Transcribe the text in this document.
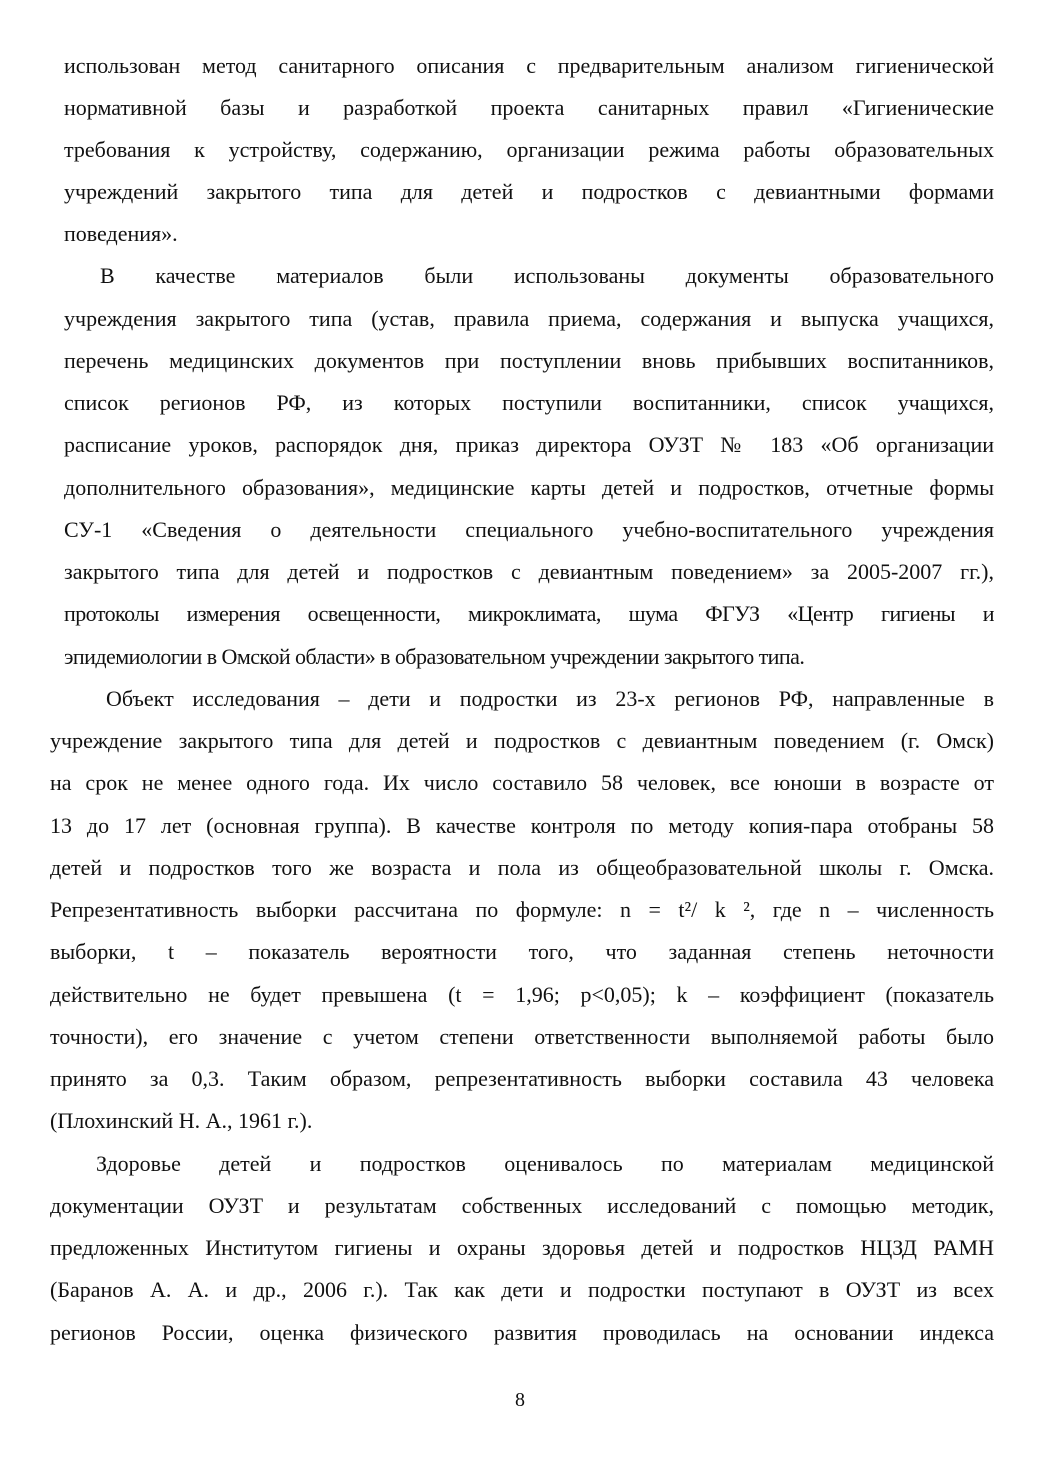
использован метод санитарного описания с предварительным анализом гигиенической

нормативной базы и разработкой проекта санитарных правил «Гигиенические

требования к устройству, содержанию, организации режима работы образовательных

учреждений закрытого типа для детей и подростков с девиантными формами

поведения».

В качестве материалов были использованы документы образовательного

учреждения закрытого типа (устав, правила приема, содержания и выпуска учащихся,

перечень медицинских документов при поступлении вновь прибывших воспитанников,

список регионов РФ, из которых поступили воспитанники, список учащихся,

расписание уроков, распорядок дня, приказ директора ОУЗТ № 183 «Об организации

дополнительного образования», медицинские карты детей и подростков, отчетные формы

СУ-1 «Сведения о деятельности специального учебно-воспитательного учреждения

закрытого типа для детей и подростков с девиантным поведением» за 2005-2007 гг.),

протоколы измерения освещенности, микроклимата, шума ФГУЗ «Центр гигиены и

эпидемиологии в Омской области» в образовательном учреждении закрытого типа.

Объект исследования – дети и подростки из 23-х регионов РФ, направленные в

учреждение закрытого типа для детей и подростков с девиантным поведением (г. Омск)

на срок не менее одного года. Их число составило 58 человек, все юноши в возрасте от

13 до 17 лет (основная группа). В качестве контроля по методу копия-пара отобраны 58

детей и подростков того же возраста и пола из общеобразовательной школы г. Омска.

Репрезентативность выборки рассчитана по формуле: n = t²/ k ², где n – численность

выборки, t – показатель вероятности того, что заданная степень неточности

действительно не будет превышена (t = 1,96; p<0,05); k – коэффициент (показатель

точности), его значение с учетом степени ответственности выполняемой работы было

принято за 0,3. Таким образом, репрезентативность выборки составила 43 человека

(Плохинский Н. А., 1961 г.).

Здоровье детей и подростков оценивалось по материалам медицинской

документации ОУЗТ и результатам собственных исследований с помощью методик,

предложенных Институтом гигиены и охраны здоровья детей и подростков НЦЗД РАМН

(Баранов А. А. и др., 2006 г.). Так как дети и подростки поступают в ОУЗТ из всех

регионов России, оценка физического развития проводилась на основании индекса

8
